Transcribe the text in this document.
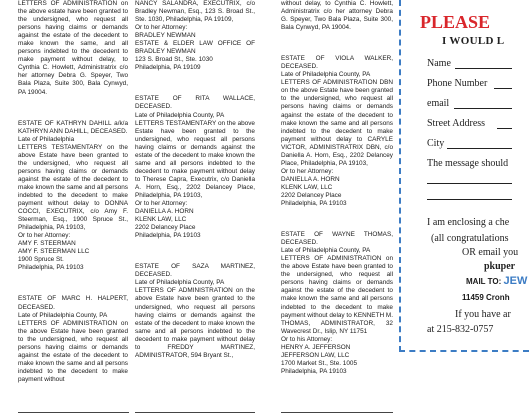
LETTERS OF ADMINISTRATION on the above estate have been granted to the undersigned, who request all persons having claims or demands against the estate of the decedent to make known the same, and all persons indebted to the decedent to make payment without delay, to Cynthia C. Howlett, Administratrix c/o her attorney Debra G. Speyer, Two Bala Plaza, Suite 300, Bala Cynwyd, PA 19004.
ESTATE OF KATHRYN DAHILL a/k/a KATHRYN ANN DAHILL, DECEASED.
Late of Philadelphia
LETTERS TESTAMENTARY on the above Estate have been granted to the undersigned, who request all persons having claims or demands against the estate of the decedent to make known the same and all persons indebted to the decedent to make payment without delay to DONNA COCCI, EXECUTRIX, c/o Amy F. Steerman, Esq., 1900 Spruce St., Philadelphia, PA 19103,
Or to her Attorney:
AMY F. STEERMAN
AMY F. STEERMAN LLC
1900 Spruce St.
Philadelphia, PA 19103
ESTATE OF MARC H. HALPERT, DECEASED.
Late of Philadelphia County, PA
LETTERS OF ADMINISTRATION on the above Estate have been granted to the undersigned, who request all persons having claims or demands against the estate of the decedent to make known the same and all persons indebted to the decedent to make payment without
NANCY SALANDRA, EXECUTRIX, c/o Bradley Newman, Esq., 123 S. Broad St., Ste. 1030, Philadelphia, PA 19109,
Or to her Attorney:
BRADLEY NEWMAN
ESTATE & ELDER LAW OFFICE OF BRADLEY NEWMAN
123 S. Broad St., Ste. 1030
Philadelphia, PA 19109
ESTATE OF RITA WALLACE, DECEASED.
Late of Philadelphia County, PA
LETTERS TESTAMENTARY on the above Estate have been granted to the undersigned, who request all persons having claims or demands against the estate of the decedent to make known the same and all persons indebted to the decedent to make payment without delay to Therese Capra, Executrix, c/o Daniella A. Horn, Esq., 2202 Delancey Place, Philadelphia, PA 19103,
Or to her Attorney:
DANIELLA A. HORN
KLENK LAW, LLC
2202 Delancey Place
Philadelphia, PA 19103
ESTATE OF SAZA MARTINEZ, DECEASED.
Late of Philadelphia County, PA
LETTERS OF ADMINISTRATION on the above Estate have been granted to the undersigned, who request all persons having claims or demands against the estate of the decedent to make known the same and all persons indebted to the decedent to make payment without delay to FREDDY MARTINEZ, ADMINISTRATOR, 594 Bryant St.,
without delay, to Cynthia C. Howlett, Administratrix c/o her attorney Debra G. Speyer, Two Bala Plaza, Suite 300, Bala Cynwyd, PA 19004.
ESTATE OF VIOLA WALKER, DECEASED.
Late of Philadelphia County, PA
LETTERS OF ADMINISTRATION DBN on the above Estate have been granted to the undersigned, who request all persons having claims or demands against the estate of the decedent to make known the same and all persons indebted to the decedent to make payment without delay to CARYLE VICTOR, ADMINISTRATRIX DBN, c/o Daniella A. Horn, Esq., 2202 Delancey Place, Philadelphia, PA 19103,
Or to her Attorney:
DANIELLA A. HORN
KLENK LAW, LLC
2202 Delancey Place
Philadelphia, PA 19103
ESTATE OF WAYNE THOMAS, DECEASED.
Late of Philadelphia County, PA
LETTERS OF ADMINISTRATION on the above Estate have been granted to the undersigned, who request all persons having claims or demands against the estate of the decedent to make known the same and all persons indebted to the decedent to make payment without delay to KENNETH M. THOMAS, ADMINISTRATOR, 32 Wavecrest Dr., Islip, NY 11751
Or to his Attorney:
HENRY A. JEFFERSON
JEFFERSON LAW, LLC
1700 Market St., Ste. 1005
Philadelphia, PA 19103
PLEASE
I WOULD L
Name
Phone Number
email
Street Address
City
The message should
I am enclosing a che
(all congratulations
OR email you
pkuper
MAIL TO: JEW
11459 Cronh
If you have ar
at 215-832-0757
